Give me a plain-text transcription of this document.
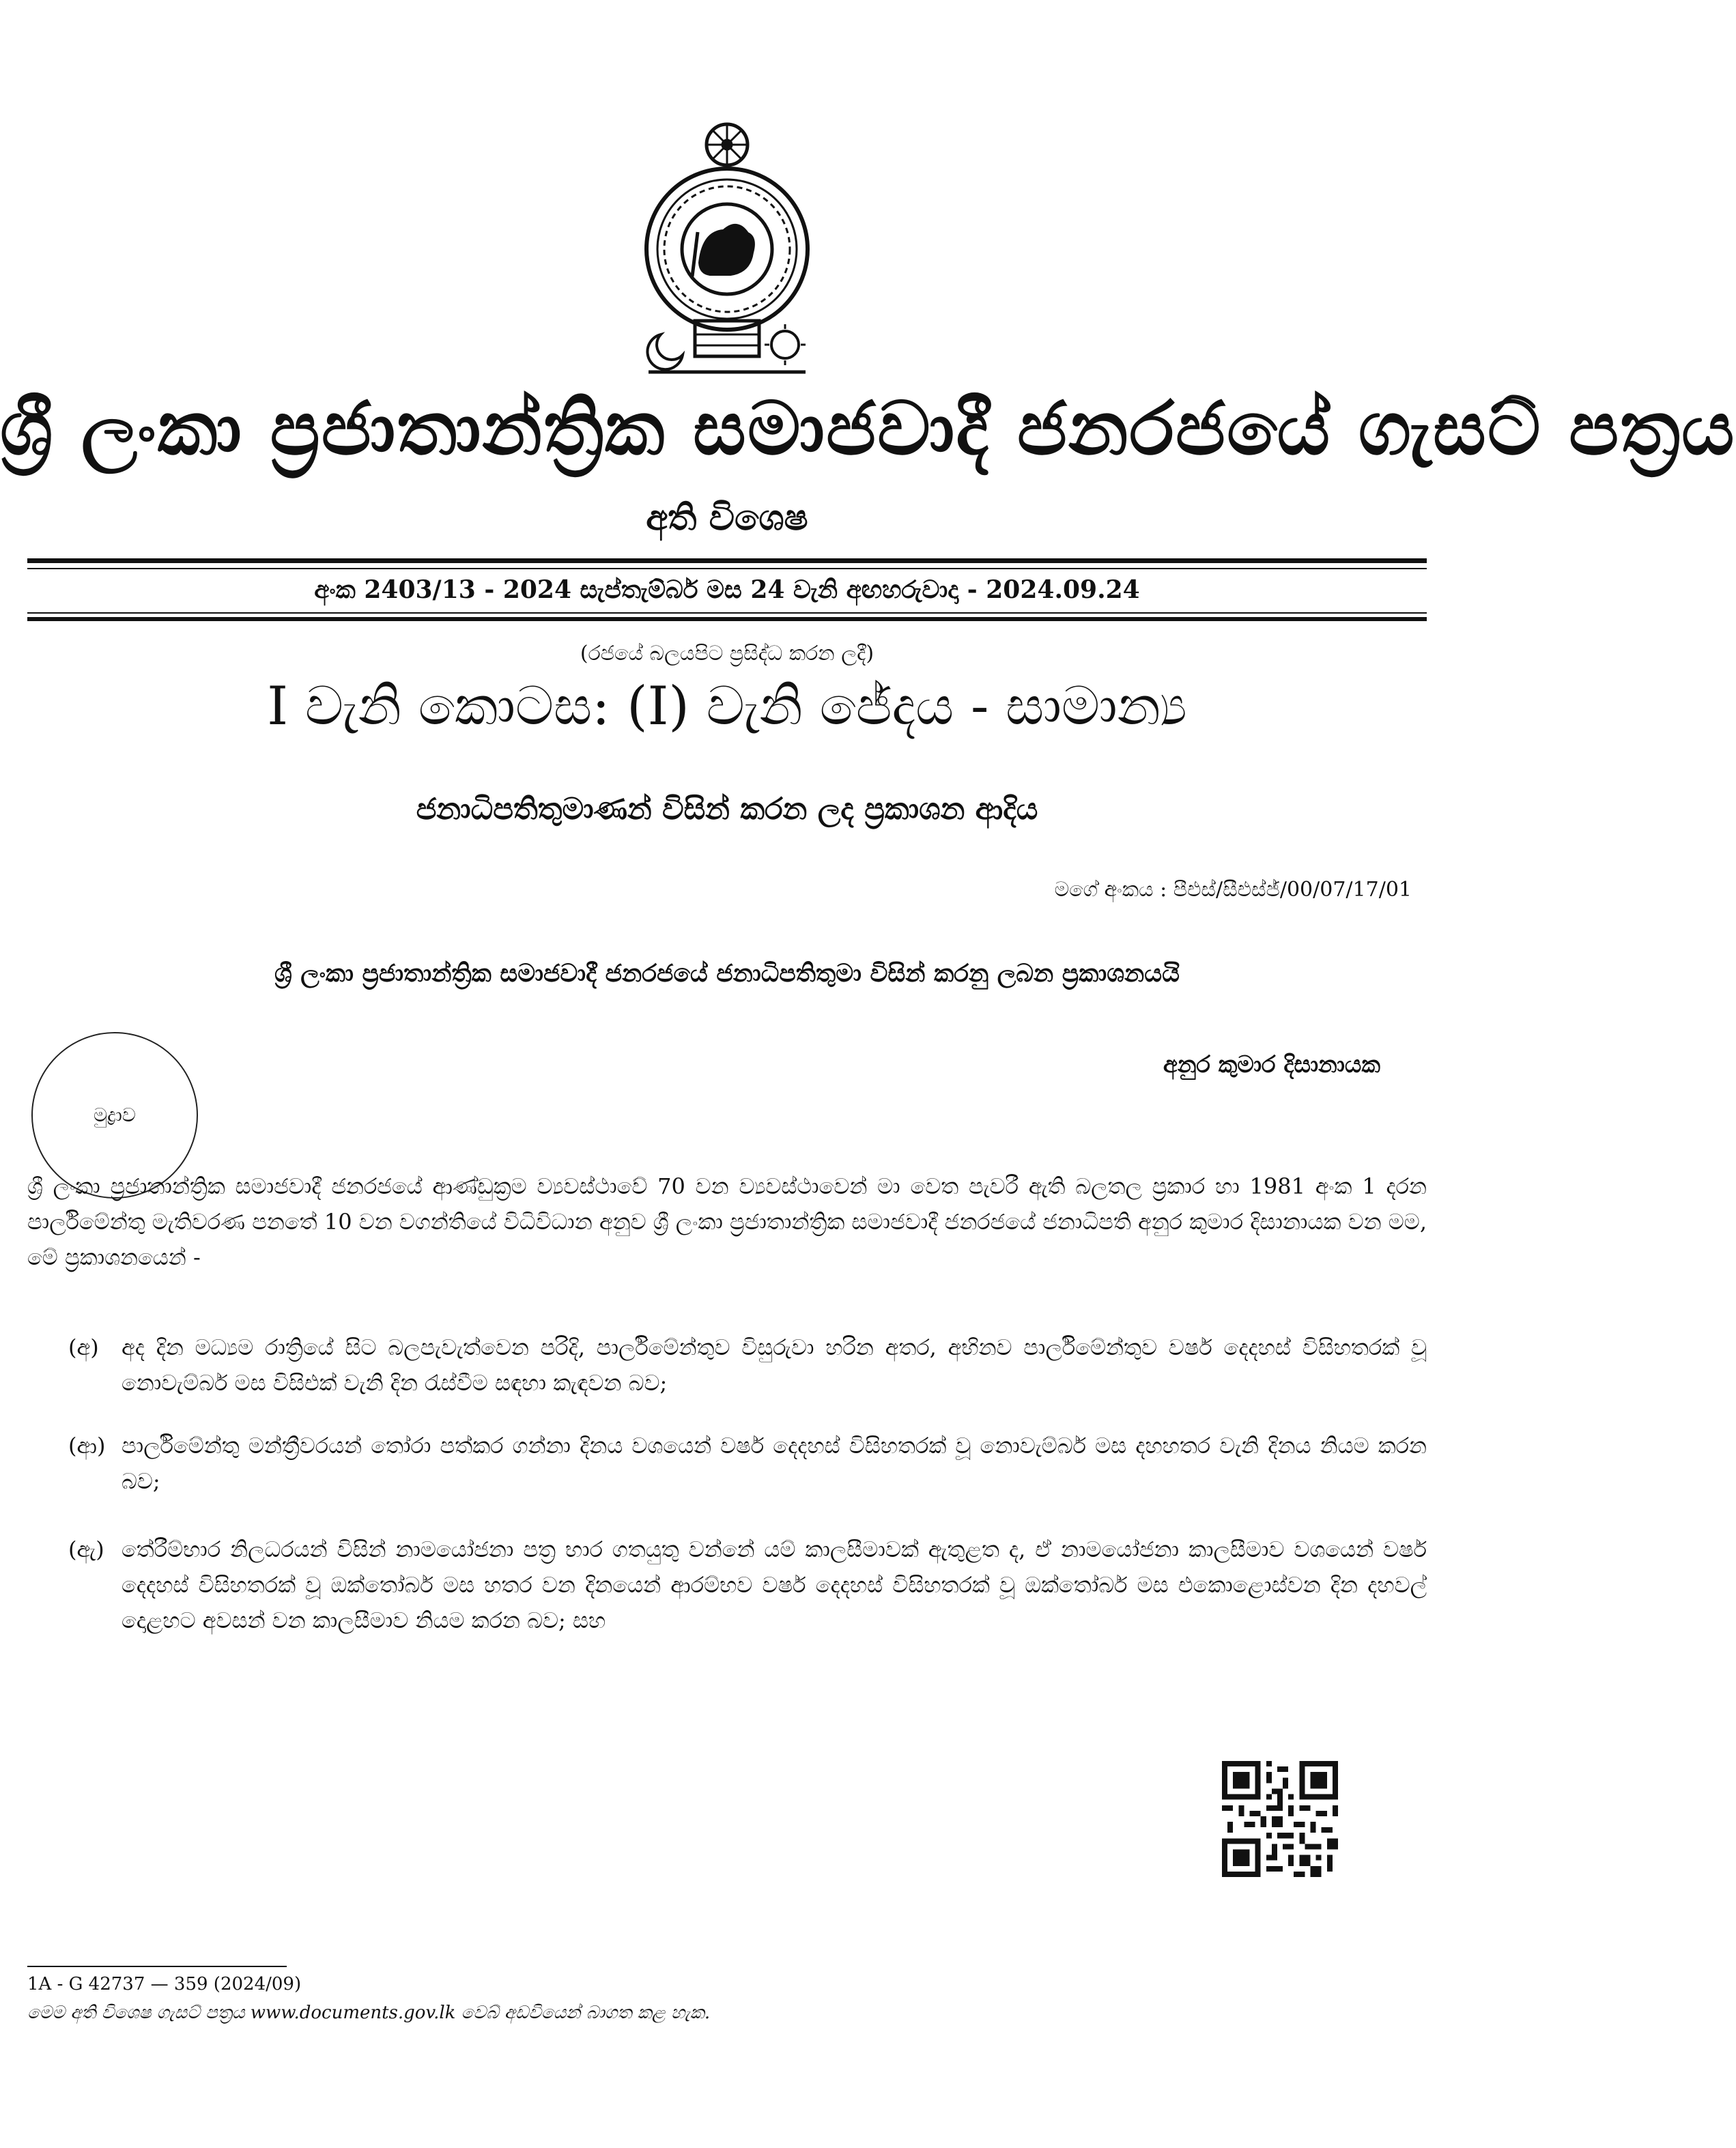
ශ්‍රී ලංකා ප්‍රජාතාන්ත්‍රික සමාජවාදී ජනරජයේ ගැසට් පත්‍රය
අති විශෙෂ
අංක 2403/13 - 2024 සැප්තැම්බර් මස 24 වැනි අඟහරුවාදා - 2024.09.24
(රජයේ බලයපිට ප්‍රසිද්ධ කරන ලදී)
I වැනි කොටස: (I) වැනි ජේදය - සාමාන්‍ය
ජනාධිපතිතුමාණන් විසින් කරන ලද ප්‍රකාශන ආදිය
මගේ අංකය : පීඑස්/සීඑස්ජ්/00/07/17/01
ශ්‍රී ලංකා ප්‍රජාතාන්ත්‍රික සමාජවාදී ජනරජයේ ජනාධිපතිතුමා විසින් කරනු ලබන ප්‍රකාශනයයි
මුද්‍රාව
අනුර කුමාර දිසානායක
ශ්‍රී ලංකා ප්‍රජාතාන්ත්‍රික සමාජවාදී ජනරජයේ ආණ්ඩුක්‍රම ව්‍යවස්ථාවේ 70 වන ව්‍යවස්ථාවෙන් මා වෙත පැවරී ඇති බලතල ප්‍රකාර හා 1981 අංක 1 දරන පාර්ලිමේන්තු මැතිවරණ පනතේ 10 වන වගන්තියේ විධිවිධාන අනුව ශ්‍රී ලංකා ප්‍රජාතාන්ත්‍රික සමාජවාදී ජනරජයේ ජනාධිපති අනුර කුමාර දිසානායක වන මම, මේ ප්‍රකාශනයෙන් -
(අ)	අද දින මධ්‍යම රාත්‍රියේ සිට බලපැවැත්වෙන පරිදි, පාර්ලිමේන්තුව විසුරුවා හරින අතර, අභිනව පාර්ලිමේන්තුව වර්ෂ දෙදහස් විසිහතරක් වූ නොවැම්බර් මස විසිඑක් වැනි දින රැස්වීම සඳහා කැඳවන බව;
(ආ) පාර්ලිමේන්තු මන්ත්‍රීවරයන් තෝරා පත්කර ගන්නා දිනය වශයෙන් වර්ෂ දෙදහස් විසිහතරක් වූ නොවැම්බර් මස දහහතර වැනි දිනය නියම කරන බව;
(ඇ) තේරීම්භාර නිලධරයන් විසින් නාමයෝජනා පත්‍ර භාර ගතයුතු වන්නේ යම් කාලසීමාවක් ඇතුළත ද, ඒ නාමයෝජනා කාලසීමාව වශයෙන් වර්ෂ දෙදහස් විසිහතරක් වූ ඔක්තෝබර් මස හතර වන දිනයෙන් ආරම්භව වර්ෂ දෙදහස් විසිහතරක් වූ ඔක්තෝබර් මස එකොළොස්වන දින දහවල් දොළහට අවසන් වන කාලසීමාව නියම කරන බව; සහ
1A - G 42737 — 359 (2024/09)
මෙම අති විශෙෂ ගැසට් පත්‍රය www.documents.gov.lk වෙබ් අඩවියෙන් බාගත කළ හැක.
